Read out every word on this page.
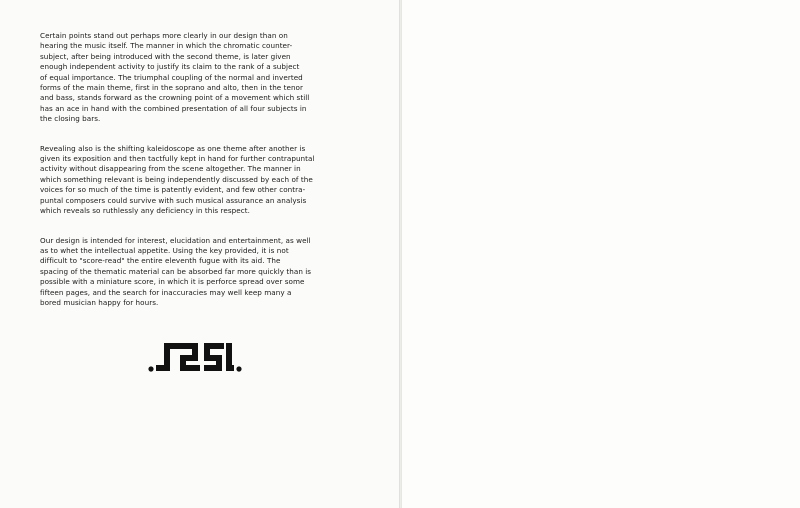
Certain points stand out perhaps more clearly in our design than on
hearing the music itself. The manner in which the chromatic counter-
subject, after being introduced with the second theme, is later given
enough independent activity to justify its claim to the rank of a subject
of equal importance. The triumphal coupling of the normal and inverted
forms of the main theme, first in the soprano and alto, then in the tenor
and bass, stands forward as the crowning point of a movement which still
has an ace in hand with the combined presentation of all four subjects in
the closing bars.

Revealing also is the shifting kaleidoscope as one theme after another is
given its exposition and then tactfully kept in hand for further contrapuntal
activity without disappearing from the scene altogether. The manner in
which something relevant is being independently discussed by each of the
voices for so much of the time is patently evident, and few other contra-
puntal composers could survive with such musical assurance an analysis
which reveals so ruthlessly any deficiency in this respect.

Our design is intended for interest, elucidation and entertainment, as well
as to whet the intellectual appetite. Using the key provided, it is not
difficult to "score-read" the entire eleventh fugue with its aid. The
spacing of the thematic material can be absorbed far more quickly than is
possible with a miniature score, in which it is perforce spread over some
fifteen pages, and the search for inaccuracies may well keep many a
bored musician happy for hours.
